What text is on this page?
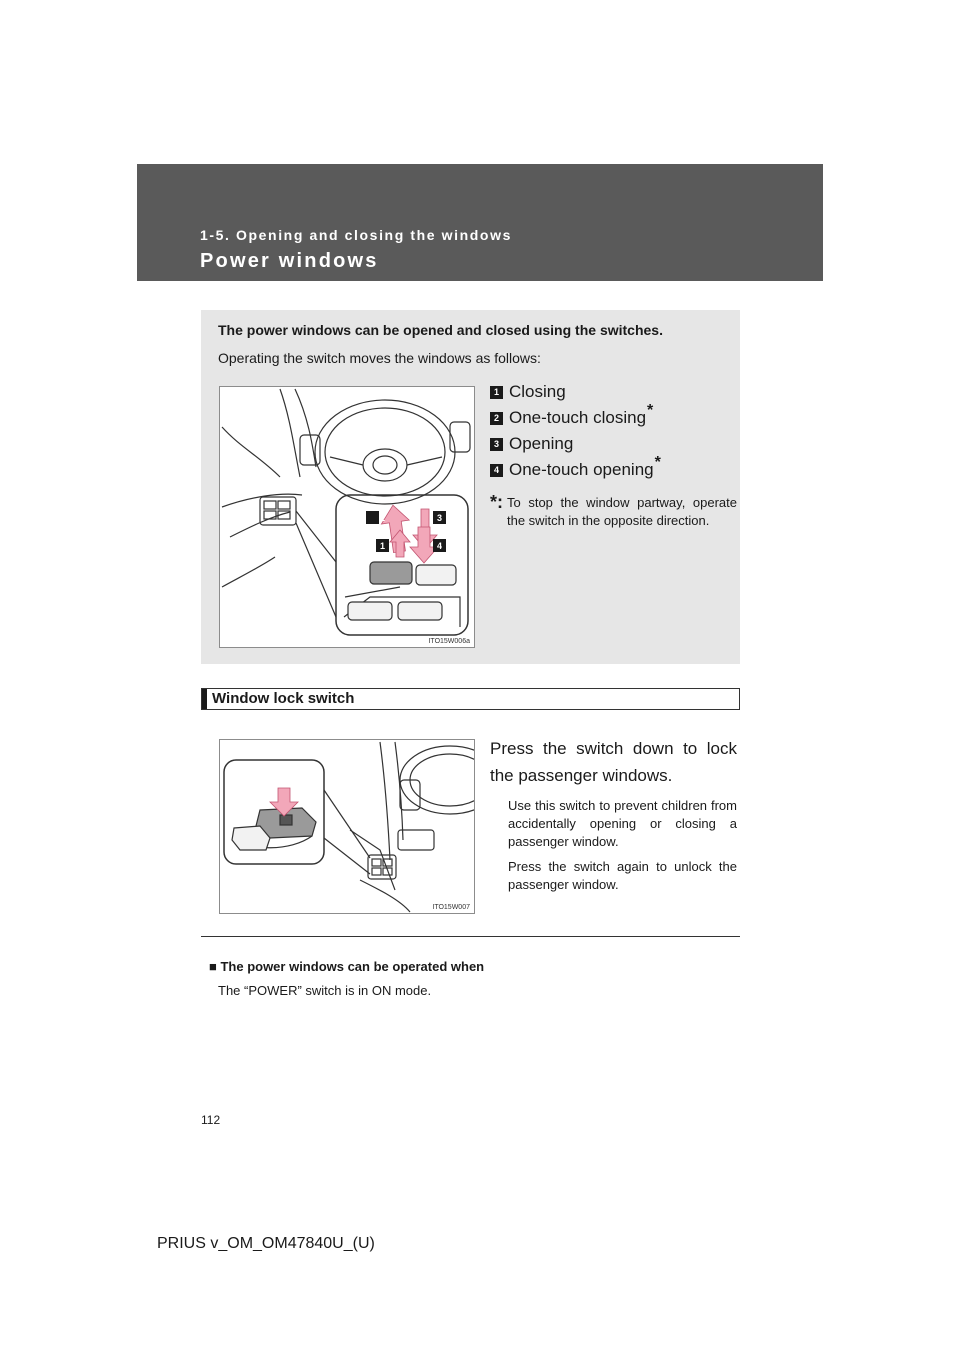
1-5. Opening and closing the windows
Power windows
The power windows can be opened and closed using the switches.
Operating the switch moves the windows as follows:
2	3
1	4
ITO15W006a
1 Closing
2 One-touch closing *
3 Opening
4 One-touch opening *
*: To stop the window partway, operate the switch in the opposite direction.
Window lock switch
ITO15W007
Press the switch down to lock the passenger windows.
Use this switch to prevent children from accidentally opening or closing a passenger window.
Press the switch again to unlock the passenger window.
■ The power windows can be operated when
The “POWER” switch is in ON mode.
112
PRIUS v_OM_OM47840U_(U)
